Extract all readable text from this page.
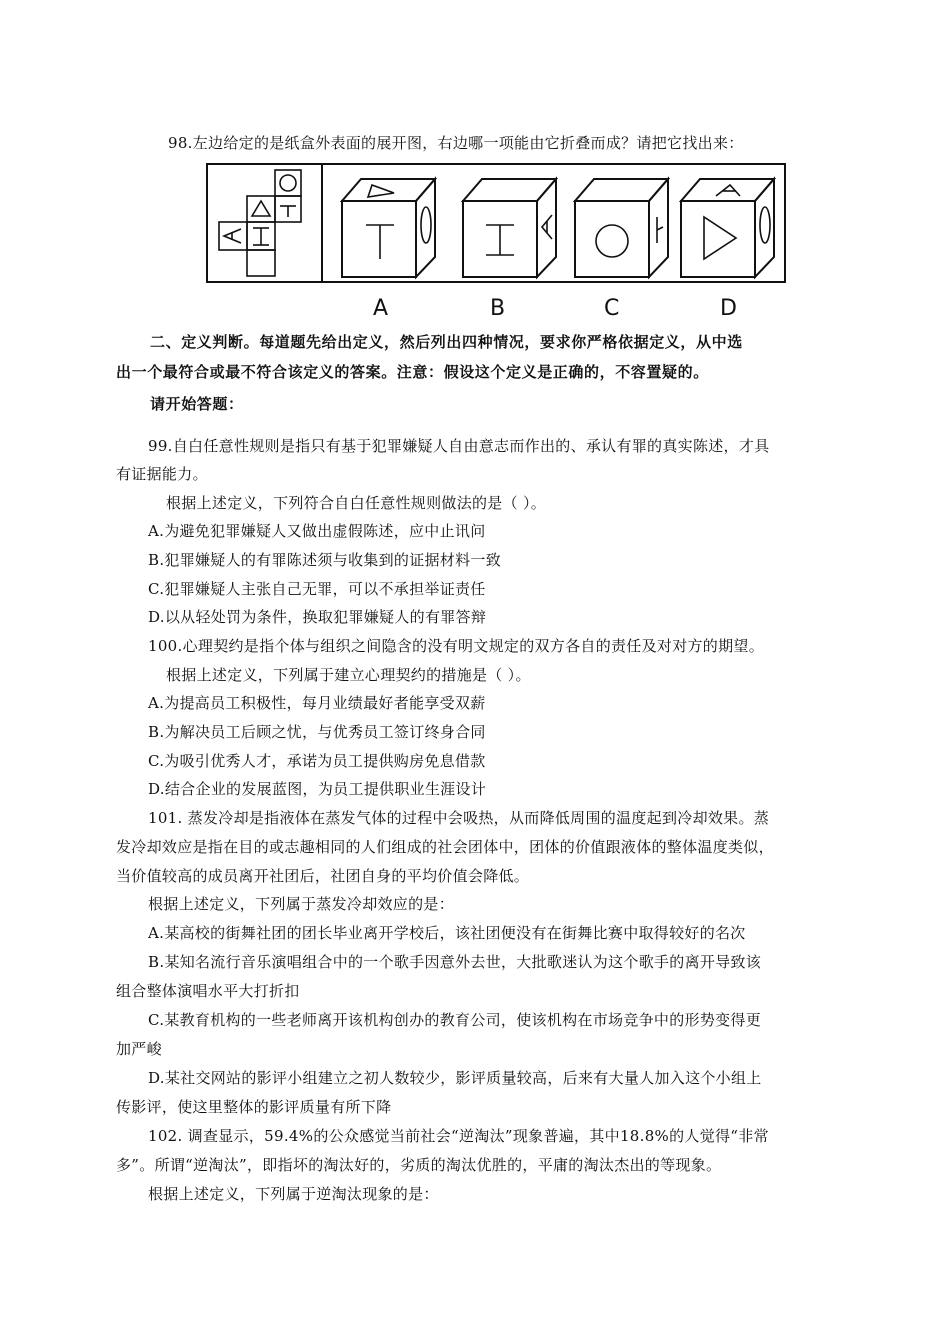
98.左边给定的是纸盒外表面的展开图，右边哪一项能由它折叠而成？请把它找出来：
A	B	C	D
二、定义判断。每道题先给出定义，然后列出四种情况，要求你严格依据定义，从中选
出一个最符合或最不符合该定义的答案。注意：假设这个定义是正确的，不容置疑的。
请开始答题：
99.自白任意性规则是指只有基于犯罪嫌疑人自由意志而作出的、承认有罪的真实陈述，才具
有证据能力。
根据上述定义，下列符合自白任意性规则做法的是（ ）。
A.为避免犯罪嫌疑人又做出虚假陈述，应中止讯问
B.犯罪嫌疑人的有罪陈述须与收集到的证据材料一致
C.犯罪嫌疑人主张自己无罪，可以不承担举证责任
D.以从轻处罚为条件，换取犯罪嫌疑人的有罪答辩
100.心理契约是指个体与组织之间隐含的没有明文规定的双方各自的责任及对对方的期望。
根据上述定义，下列属于建立心理契约的措施是（ ）。
A.为提高员工积极性，每月业绩最好者能享受双薪
B.为解决员工后顾之忧，与优秀员工签订终身合同
C.为吸引优秀人才，承诺为员工提供购房免息借款
D.结合企业的发展蓝图，为员工提供职业生涯设计
101. 蒸发冷却是指液体在蒸发气体的过程中会吸热，从而降低周围的温度起到冷却效果。蒸
发冷却效应是指在目的或志趣相同的人们组成的社会团体中，团体的价值跟液体的整体温度类似，
当价值较高的成员离开社团后，社团自身的平均价值会降低。
根据上述定义，下列属于蒸发冷却效应的是：
A.某高校的街舞社团的团长毕业离开学校后，该社团便没有在街舞比赛中取得较好的名次
B.某知名流行音乐演唱组合中的一个歌手因意外去世，大批歌迷认为这个歌手的离开导致该
组合整体演唱水平大打折扣
C.某教育机构的一些老师离开该机构创办的教育公司，使该机构在市场竞争中的形势变得更
加严峻
D.某社交网站的影评小组建立之初人数较少，影评质量较高，后来有大量人加入这个小组上
传影评，使这里整体的影评质量有所下降
102. 调查显示，59.4%的公众感觉当前社会“逆淘汰”现象普遍，其中18.8%的人觉得“非常
多”。所谓“逆淘汰”，即指坏的淘汰好的，劣质的淘汰优胜的，平庸的淘汰杰出的等现象。
根据上述定义，下列属于逆淘汰现象的是：
